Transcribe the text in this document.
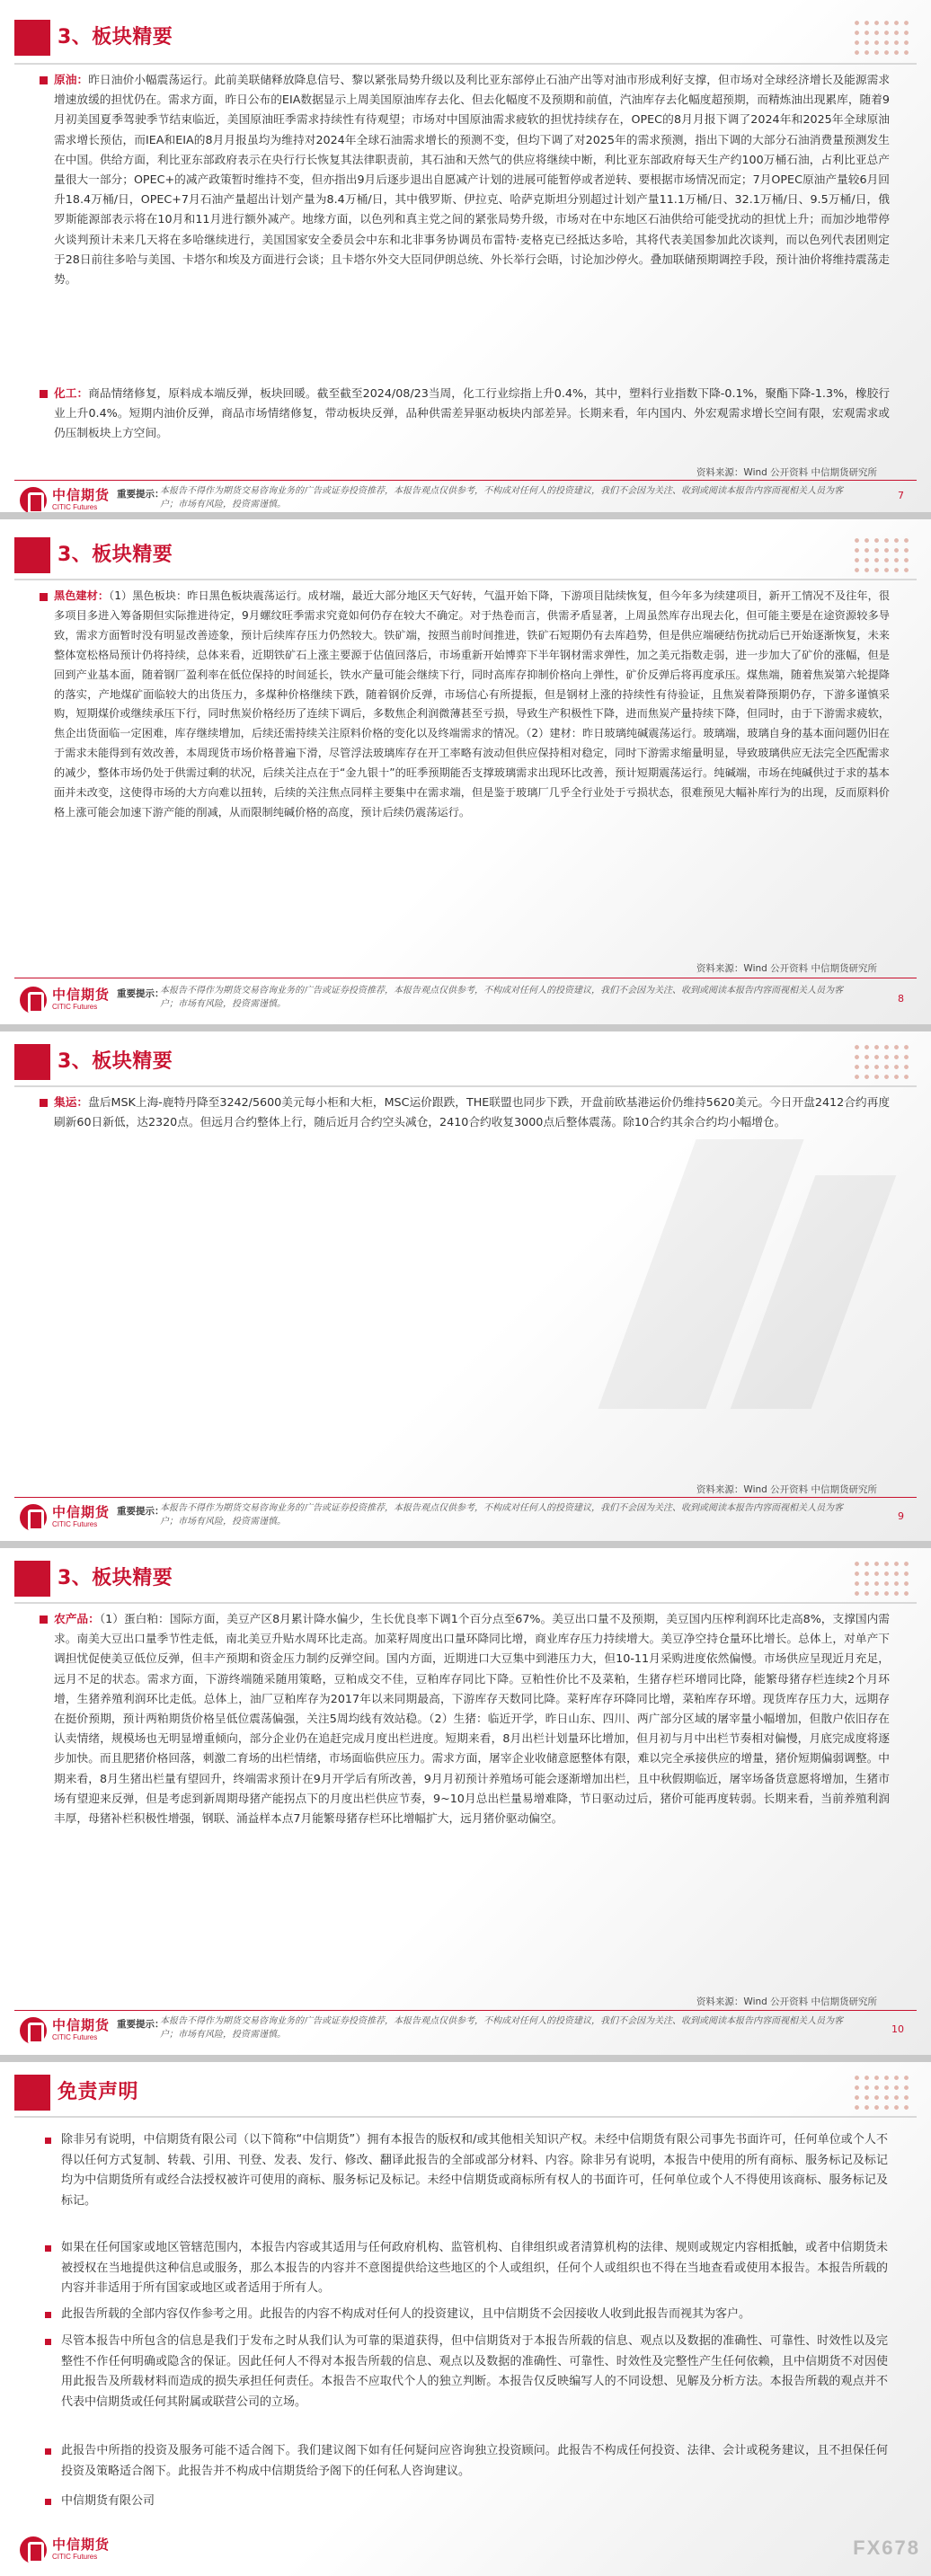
3、板块精要
原油：昨日油价小幅震荡运行。此前美联储释放降息信号、黎以紧张局势升级以及利比亚东部停止石油产出等对油市形成利好支撑，但市场对全球经济增长及能源需求增速放缓的担忧仍在。需求方面，昨日公布的EIA数据显示上周美国原油库存去化、但去化幅度不及预期和前值，汽油库存去化幅度超预期，而精炼油出现累库，随着9月初美国夏季驾驶季节结束临近，美国原油旺季需求持续性有待观望；市场对中国原油需求疲软的担忧持续存在，OPEC的8月月报下调了2024年和2025年全球原油需求增长预估，而IEA和EIA的8月月报虽均为维持对2024年全球石油需求增长的预测不变，但均下调了对2025年的需求预测，指出下调的大部分石油消费量预测发生在中国。供给方面，利比亚东部政府表示在央行行长恢复其法律职责前，其石油和天然气的供应将继续中断，利比亚东部政府每天生产约100万桶石油，占利比亚总产量很大一部分；OPEC+的减产政策暂时维持不变，但亦指出9月后逐步退出自愿减产计划的进展可能暂停或者逆转、要根据市场情况而定；7月OPEC原油产量较6月回升18.4万桶/日，OPEC+7月石油产量超出计划产量为8.4万桶/日，其中俄罗斯、伊拉克、哈萨克斯坦分别超过计划产量11.1万桶/日、32.1万桶/日、9.5万桶/日，俄罗斯能源部表示将在10月和11月进行额外减产。地缘方面，以色列和真主党之间的紧张局势升级，市场对在中东地区石油供给可能受扰动的担忧上升；而加沙地带停火谈判预计未来几天将在多哈继续进行，美国国家安全委员会中东和北非事务协调员布雷特·麦格克已经抵达多哈，其将代表美国参加此次谈判，而以色列代表团则定于28日前往多哈与美国、卡塔尔和埃及方面进行会谈；且卡塔尔外交大臣同伊朗总统、外长举行会晤，讨论加沙停火。叠加联储预期调控手段，预计油价将维持震荡走势。
化工：商品情绪修复，原料成本端反弹，板块回暖。截至截至2024/08/23当周，化工行业综指上升0.4%，其中，塑料行业指数下降-0.1%，聚酯下降-1.3%，橡胶行业上升0.4%。短期内油价反弹，商品市场情绪修复，带动板块反弹，品种供需差异驱动板块内部差异。长期来看，年内国内、外宏观需求增长空间有限，宏观需求或仍压制板块上方空间。
资料来源：Wind 公开资料 中信期货研究所
中信期货
CITIC Futures
重要提示：
本报告不得作为期货交易咨询业务的广告或证券投资推荐，本报告观点仅供参考，不构成对任何人的投资建议，我们不会因为关注、收到或阅读本报告内容而视相关人员为客户；市场有风险，投资需谨慎。
7
3、板块精要
黑色建材：（1）黑色板块：昨日黑色板块震荡运行。成材端，最近大部分地区天气好转，气温开始下降，下游项目陆续恢复，但今年多为续建项目，新开工情况不及往年，很多项目多进入筹备期但实际推进待定，9月螺纹旺季需求究竟如何仍存在较大不确定。对于热卷而言，供需矛盾显著，上周虽然库存出现去化，但可能主要是在途资源较多导致，需求方面暂时没有明显改善迹象，预计后续库存压力仍然较大。铁矿端，按照当前时间推进，铁矿石短期仍有去库趋势，但是供应端硬结伤扰动后已开始逐渐恢复，未来整体宽松格局预计仍将持续，总体来看，近期铁矿石上涨主要源于估值回落后，市场重新开始博弈下半年钢材需求弹性，加之美元指数走弱，进一步加大了矿价的涨幅，但是回到产业基本面，随着钢厂盈利率在低位保持的时间延长，铁水产量可能会继续下行，同时高库存抑制价格向上弹性，矿价反弹后将再度承压。煤焦端，随着焦炭第六轮提降的落实，产地煤矿面临较大的出货压力，多煤种价格继续下跌，随着钢价反弹，市场信心有所提振，但是钢材上涨的持续性有待验证，且焦炭着降预期仍存，下游多谨慎采购，短期煤价或继续承压下行，同时焦炭价格经历了连续下调后，多数焦企利润微薄甚至亏损，导致生产积极性下降，进而焦炭产量持续下降，但同时，由于下游需求疲软，焦企出货面临一定困难，库存继续增加，后续还需持续关注原料价格的变化以及终端需求的情况。（2）建材：昨日玻璃纯碱震荡运行。玻璃端，玻璃自身的基本面问题仍旧在于需求未能得到有效改善，本周现货市场价格普遍下滑，尽管浮法玻璃库存在开工率略有波动但供应保持相对稳定，同时下游需求缩量明显，导致玻璃供应无法完全匹配需求的减少，整体市场仍处于供需过剩的状况，后续关注点在于“金九银十”的旺季预期能否支撑玻璃需求出现环比改善，预计短期震荡运行。纯碱端，市场在纯碱供过于求的基本面并未改变，这使得市场的大方向难以扭转，后续的关注焦点同样主要集中在需求端，但是鉴于玻璃厂几乎全行业处于亏损状态，很难预见大幅补库行为的出现，反而原料价格上涨可能会加速下游产能的削减，从而限制纯碱价格的高度，预计后续仍震荡运行。
资料来源：Wind 公开资料 中信期货研究所
中信期货
CITIC Futures
重要提示：
本报告不得作为期货交易咨询业务的广告或证券投资推荐，本报告观点仅供参考，不构成对任何人的投资建议，我们不会因为关注、收到或阅读本报告内容而视相关人员为客户；市场有风险，投资需谨慎。	8
3、板块精要
集运：盘后MSK上海-鹿特丹降至3242/5600美元每小柜和大柜，MSC运价跟跌，THE联盟也同步下跌，开盘前欧基港运价仍维持5620美元。今日开盘2412合约再度刷新60日新低，达2320点。但远月合约整体上行，随后近月合约空头减仓，2410合约收复3000点后整体震荡。除10合约其余合约均小幅增仓。
资料来源：Wind 公开资料 中信期货研究所
中信期货
CITIC Futures
重要提示：
本报告不得作为期货交易咨询业务的广告或证券投资推荐，本报告观点仅供参考，不构成对任何人的投资建议，我们不会因为关注、收到或阅读本报告内容而视相关人员为客户；市场有风险，投资需谨慎。	9
3、板块精要
农产品：（1）蛋白粕：国际方面，美豆产区8月累计降水偏少，生长优良率下调1个百分点至67%。美豆出口量不及预期，美豆国内压榨利润环比走高8%，支撑国内需求。南美大豆出口量季节性走低，南北美豆升贴水周环比走高。加菜籽周度出口量环降同比增，商业库存压力持续增大。美豆净空持仓量环比增长。总体上，对单产下调担忧促使美豆低位反弹，但丰产预期和资金压力制约反弹空间。国内方面，近期进口大豆集中到港压力大，但10-11月采购进度依然偏慢。市场供应呈现近月充足，远月不足的状态。需求方面，下游终端随采随用策略，豆粕成交不佳，豆粕库存同比下降。豆粕性价比不及菜粕，生猪存栏环增同比降，能繁母猪存栏连续2个月环增，生猪养殖利润环比走低。总体上，油厂豆粕库存为2017年以来同期最高，下游库存天数同比降。菜籽库存环降同比增，菜粕库存环增。现货库存压力大，远期存在挺价预期，预计两粕期货价格呈低位震荡偏强，关注5周均线有效站稳。（2）生猪：临近开学，昨日山东、四川、两广部分区域的屠宰量小幅增加，但散户依旧存在认卖情绪，规模场也无明显增重倾向，部分企业仍在追赶完成月度出栏进度。短期来看，8月出栏计划量环比增加，但月初与月中出栏节奏相对偏慢，月底完成度将逐步加快。而且肥猪价格回落，刺激二育场的出栏情绪，市场面临供应压力。需求方面，屠宰企业收储意愿整体有限，难以完全承接供应的增量，猪价短期偏弱调整。中期来看，8月生猪出栏量有望回升，终端需求预计在9月开学后有所改善，9月月初预计养殖场可能会逐渐增加出栏，且中秋假期临近，屠宰场备货意愿将增加，生猪市场有望迎来反弹，但是考虑到新周期母猪产能拐点下的月度出栏供应节奏，9~10月总出栏量易增难降，节日驱动过后，猪价可能再度转弱。长期来看，当前养殖利润丰厚，母猪补栏积极性增强，钢联、涌益样本点7月能繁母猪存栏环比增幅扩大，远月猪价驱动偏空。
资料来源：Wind 公开资料 中信期货研究所
中信期货
CITIC Futures
重要提示：
本报告不得作为期货交易咨询业务的广告或证券投资推荐，本报告观点仅供参考，不构成对任何人的投资建议，我们不会因为关注、收到或阅读本报告内容而视相关人员为客户；市场有风险，投资需谨慎。	10
免责声明
除非另有说明，中信期货有限公司（以下简称“中信期货”）拥有本报告的版权和/或其他相关知识产权。未经中信期货有限公司事先书面许可，任何单位或个人不得以任何方式复制、转载、引用、刊登、发表、发行、修改、翻译此报告的全部或部分材料、内容。除非另有说明，本报告中使用的所有商标、服务标记及标记均为中信期货所有或经合法授权被许可使用的商标、服务标记及标记。未经中信期货或商标所有权人的书面许可，任何单位或个人不得使用该商标、服务标记及标记。
如果在任何国家或地区管辖范围内，本报告内容或其适用与任何政府机构、监管机构、自律组织或者清算机构的法律、规则或规定内容相抵触，或者中信期货未被授权在当地提供这种信息或服务，那么本报告的内容并不意图提供给这些地区的个人或组织，任何个人或组织也不得在当地查看或使用本报告。本报告所载的内容并非适用于所有国家或地区或者适用于所有人。
此报告所载的全部内容仅作参考之用。此报告的内容不构成对任何人的投资建议，且中信期货不会因接收人收到此报告而视其为客户。
尽管本报告中所包含的信息是我们于发布之时从我们认为可靠的渠道获得，但中信期货对于本报告所载的信息、观点以及数据的准确性、可靠性、时效性以及完整性不作任何明确或隐含的保证。因此任何人不得对本报告所载的信息、观点以及数据的准确性、可靠性、时效性及完整性产生任何依赖，且中信期货不对因使用此报告及所载材料而造成的损失承担任何责任。本报告不应取代个人的独立判断。本报告仅反映编写人的不同设想、见解及分析方法。本报告所载的观点并不代表中信期货或任何其附属或联营公司的立场。
此报告中所指的投资及服务可能不适合阁下。我们建议阁下如有任何疑问应咨询独立投资顾问。此报告不构成任何投资、法律、会计或税务建议，且不担保任何投资及策略适合阁下。此报告并不构成中信期货给予阁下的任何私人咨询建议。
中信期货有限公司
中信期货
CITIC Futures	FX678
